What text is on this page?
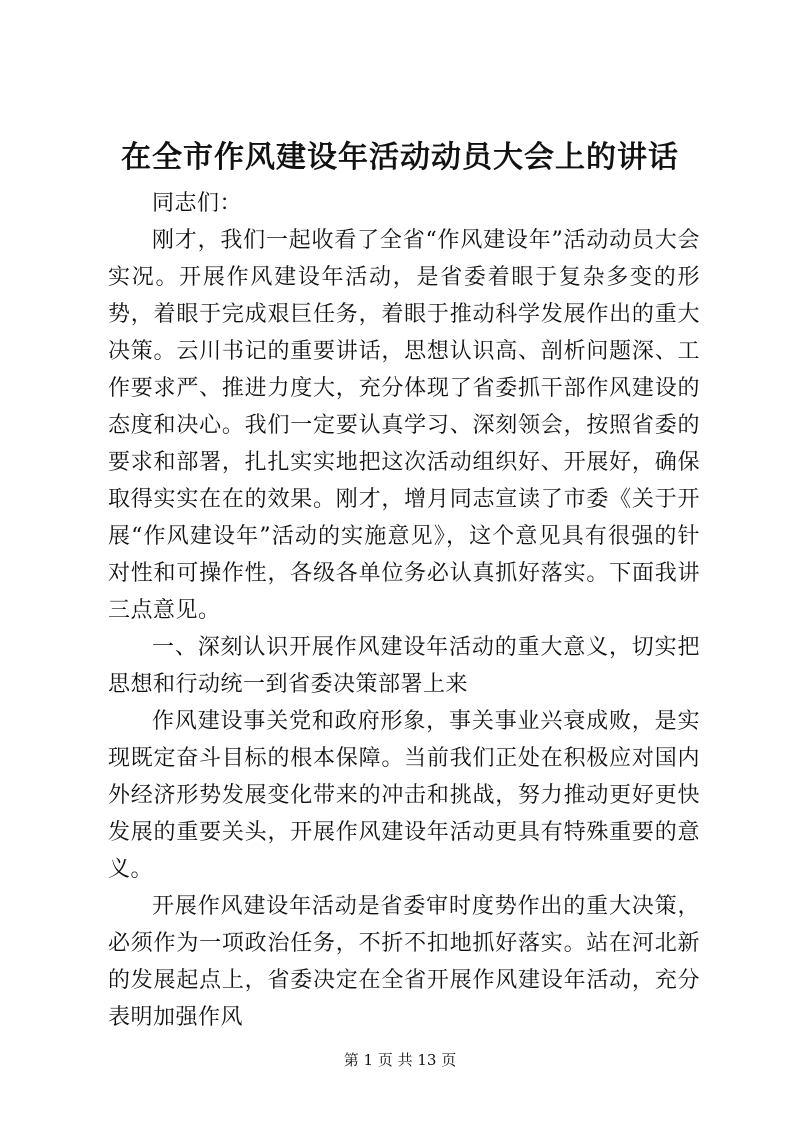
在全市作风建设年活动动员大会上的讲话

同志们：

刚才，我们一起收看了全省“作风建设年”活动动员大会实况。开展作风建设年活动，是省委着眼于复杂多变的形势，着眼于完成艰巨任务，着眼于推动科学发展作出的重大决策。云川书记的重要讲话，思想认识高、剖析问题深、工作要求严、推进力度大，充分体现了省委抓干部作风建设的态度和决心。我们一定要认真学习、深刻领会，按照省委的要求和部署，扎扎实实地把这次活动组织好、开展好，确保取得实实在在的效果。刚才，增月同志宣读了市委《关于开展“作风建设年”活动的实施意见》，这个意见具有很强的针对性和可操作性，各级各单位务必认真抓好落实。下面我讲三点意见。

一、深刻认识开展作风建设年活动的重大意义，切实把思想和行动统一到省委决策部署上来

作风建设事关党和政府形象，事关事业兴衰成败，是实现既定奋斗目标的根本保障。当前我们正处在积极应对国内外经济形势发展变化带来的冲击和挑战，努力推动更好更快发展的重要关头，开展作风建设年活动更具有特殊重要的意义。

开展作风建设年活动是省委审时度势作出的重大决策，必须作为一项政治任务，不折不扣地抓好落实。站在河北新的发展起点上，省委决定在全省开展作风建设年活动，充分表明加强作风

第 1 页 共 13 页
